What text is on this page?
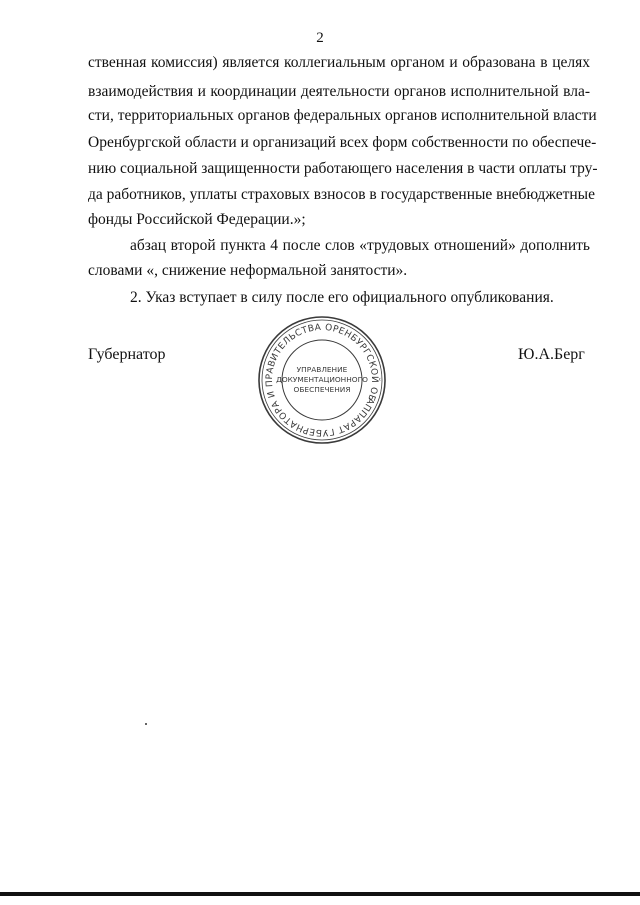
2
ственная комиссия) является коллегиальным органом и образована в целях
взаимодействия и координации деятельности органов исполнительной вла-
сти, территориальных органов федеральных органов исполнительной власти
Оренбургской области и организаций всех форм собственности по обеспече-
нию социальной защищенности работающего населения в части оплаты тру-
да работников, уплаты страховых взносов в государственные внебюджетные
фонды Российской Федерации.»;
абзац второй пункта 4 после слов «трудовых отношений» дополнить
словами «, снижение неформальной занятости».
2. Указ вступает в силу после его официального опубликования.
Губернатор	Ю.А.Берг
АППАРАТ ГУБЕРНАТОРА И ПРАВИТЕЛЬСТВА ОРЕНБУРГСКОЙ ОБЛАСТИ
УПРАВЛЕНИЕ
ДОКУМЕНТАЦИОННОГО
ОБЕСПЕЧЕНИЯ
